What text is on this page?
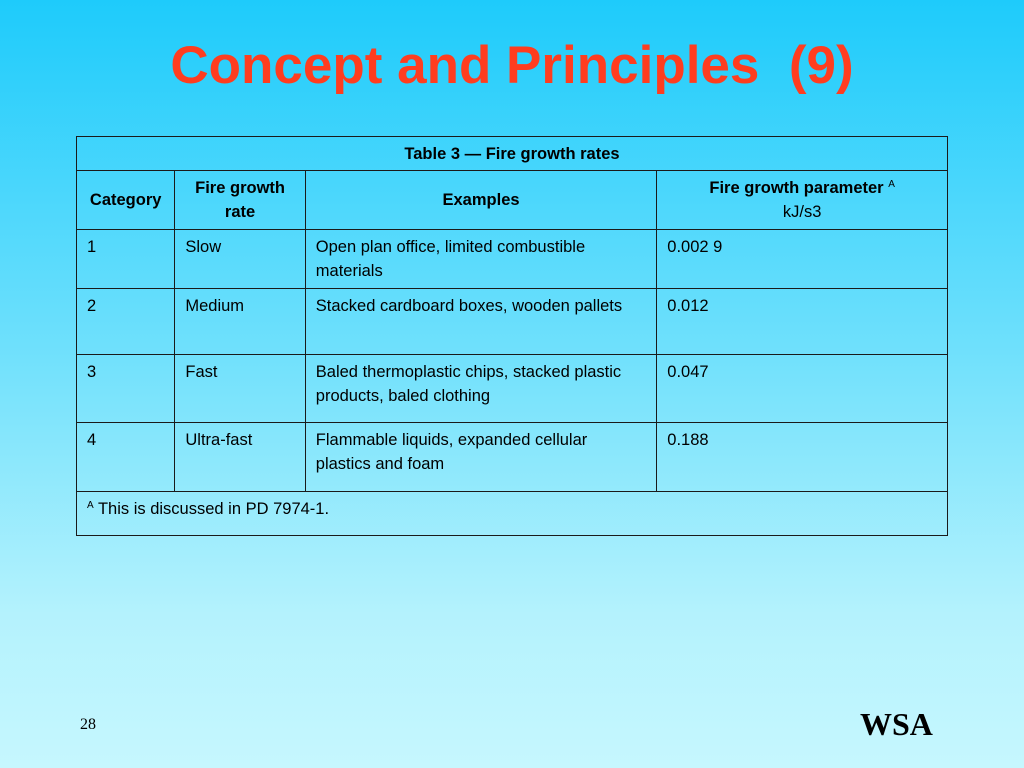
Concept and Principles  (9)
Table 3 — Fire growth rates			
Category	Fire growth rate	Examples	Fire growth parameter $^A$
kJ/s3
1	Slow	Open plan office, limited combustible materials	0.002 9
2	Medium	Stacked cardboard boxes, wooden pallets	0.012
3	Fast	Baled thermoplastic chips, stacked plastic products, baled clothing	0.047
4	Ultra-fast	Flammable liquids, expanded cellular plastics and foam	0.188
$^A$ This is discussed in PD 7974-1.			
28	WSA
